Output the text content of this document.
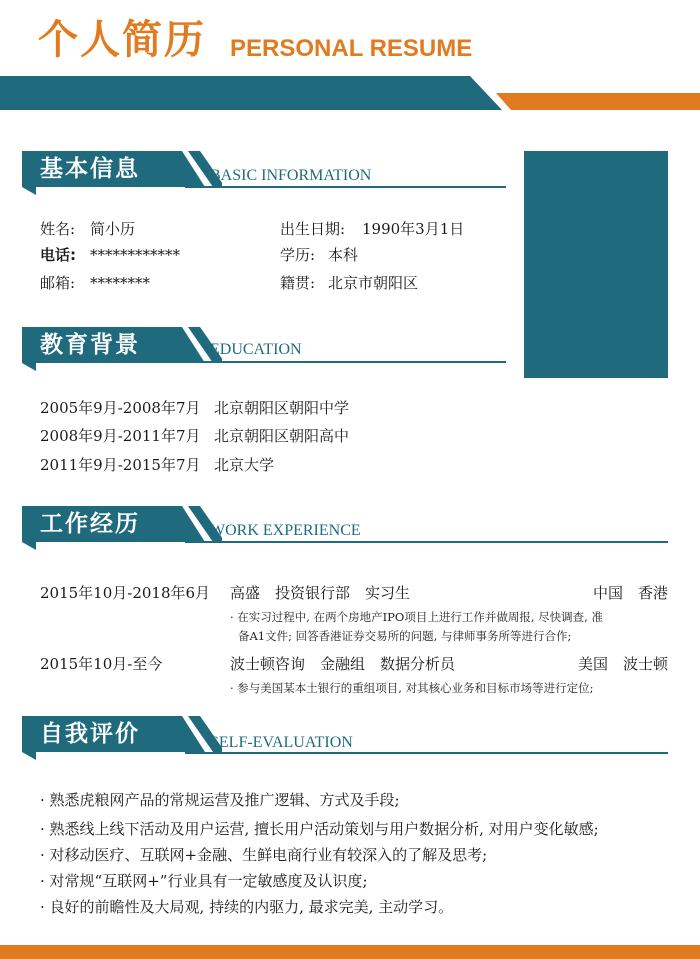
个人简历 PERSONAL RESUME
基本信息	BASIC INFORMATION
姓名: 简小历
电话: ************
邮箱: ********
出生日期: 1990年3月1日
学历: 本科
籍贯: 北京市朝阳区
教育背景	EDUCATION
2005年9月-2008年7月 北京朝阳区朝阳中学
2008年9月-2011年7月 北京朝阳区朝阳高中
2011年9月-2015年7月 北京大学
工作经历	WORK EXPERIENCE
2015年10月-2018年6月 高盛　投资银行部　实习生	中国　香港
· 在实习过程中, 在两个房地产IPO项目上进行工作并做周报, 尽快调查, 准
备A1文件; 回答香港证券交易所的问题, 与律师事务所等进行合作;
2015年10月-至今	波士顿咨询　金融组　数据分析员	美国　波士顿
· 参与美国某本土银行的重组项目, 对其核心业务和目标市场等进行定位;
自我评价	SELF-EVALUATION
· 熟悉虎粮网产品的常规运营及推广逻辑、方式及手段;
· 熟悉线上线下活动及用户运营, 擅长用户活动策划与用户数据分析, 对用户变化敏感;
· 对移动医疗、互联网+金融、生鲜电商行业有较深入的了解及思考;
· 对常规“互联网+”行业具有一定敏感度及认识度;
· 良好的前瞻性及大局观, 持续的内驱力, 最求完美, 主动学习。
